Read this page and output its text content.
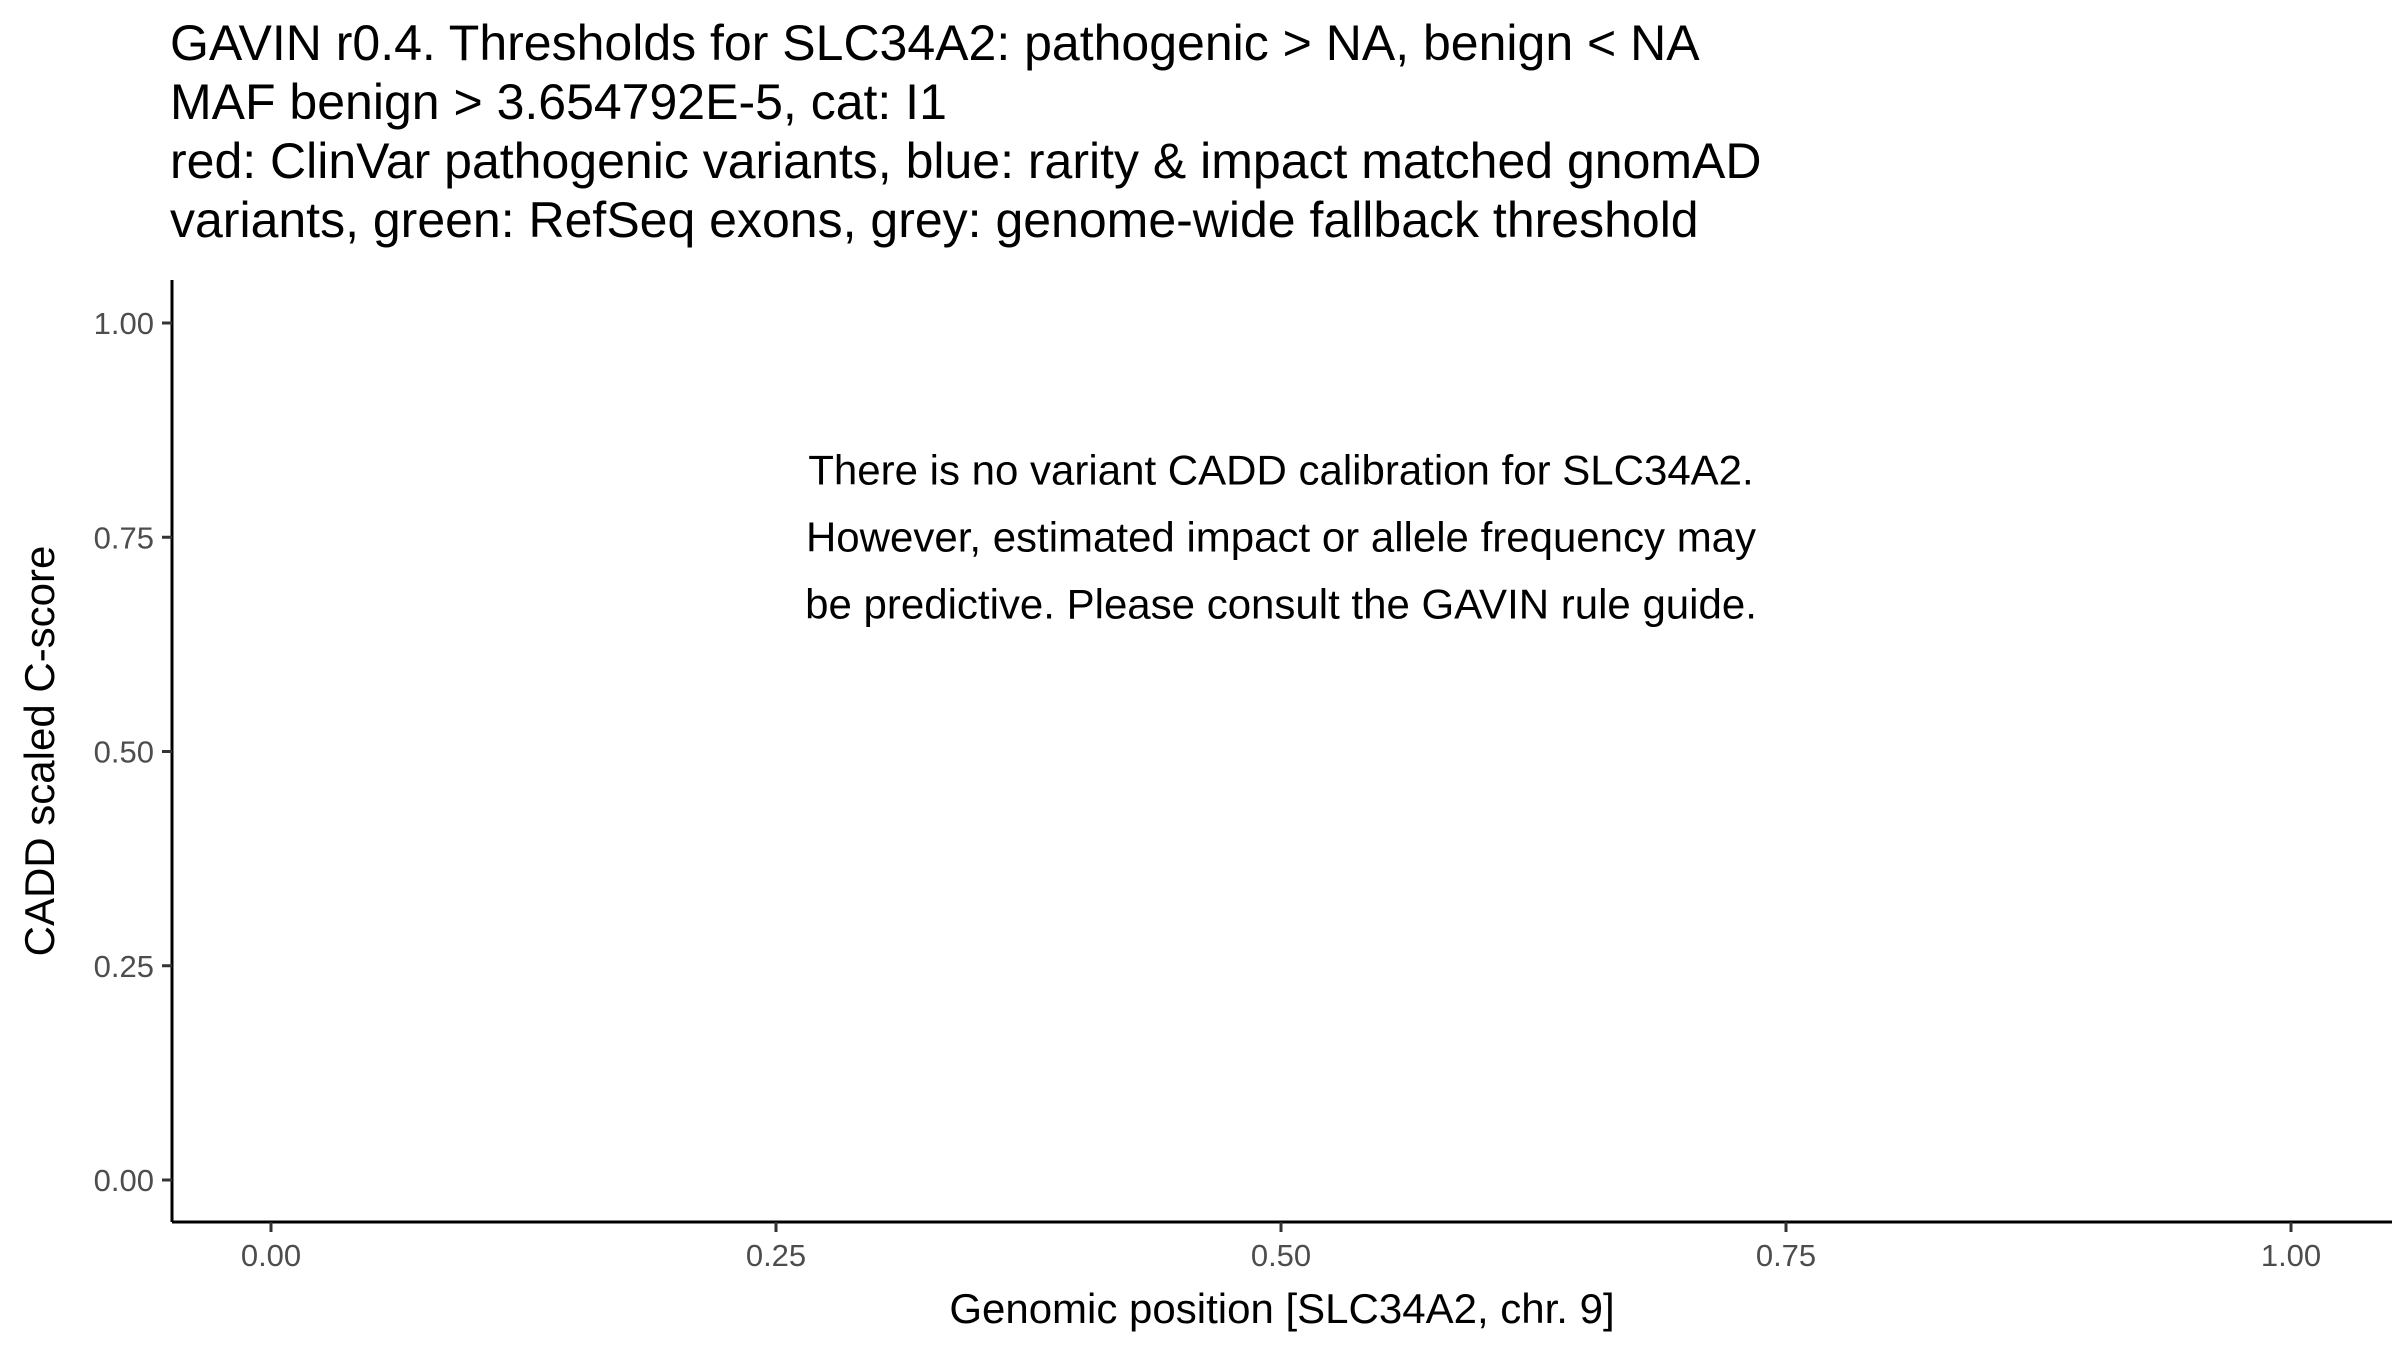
GAVIN r0.4. Thresholds for SLC34A2: pathogenic > NA, benign < NA
MAF benign > 3.654792E-5, cat: I1
red: ClinVar pathogenic variants, blue: rarity & impact matched gnomAD
variants, green: RefSeq exons, grey: genome-wide fallback threshold
0.00
0.25
0.50
0.75
1.00
0.00	0.25	0.50	0.75	1.00
Genomic position [SLC34A2, chr. 9]
CADD scaled C-score
There is no variant CADD calibration for SLC34A2.
However, estimated impact or allele frequency may
be predictive. Please consult the GAVIN rule guide.
